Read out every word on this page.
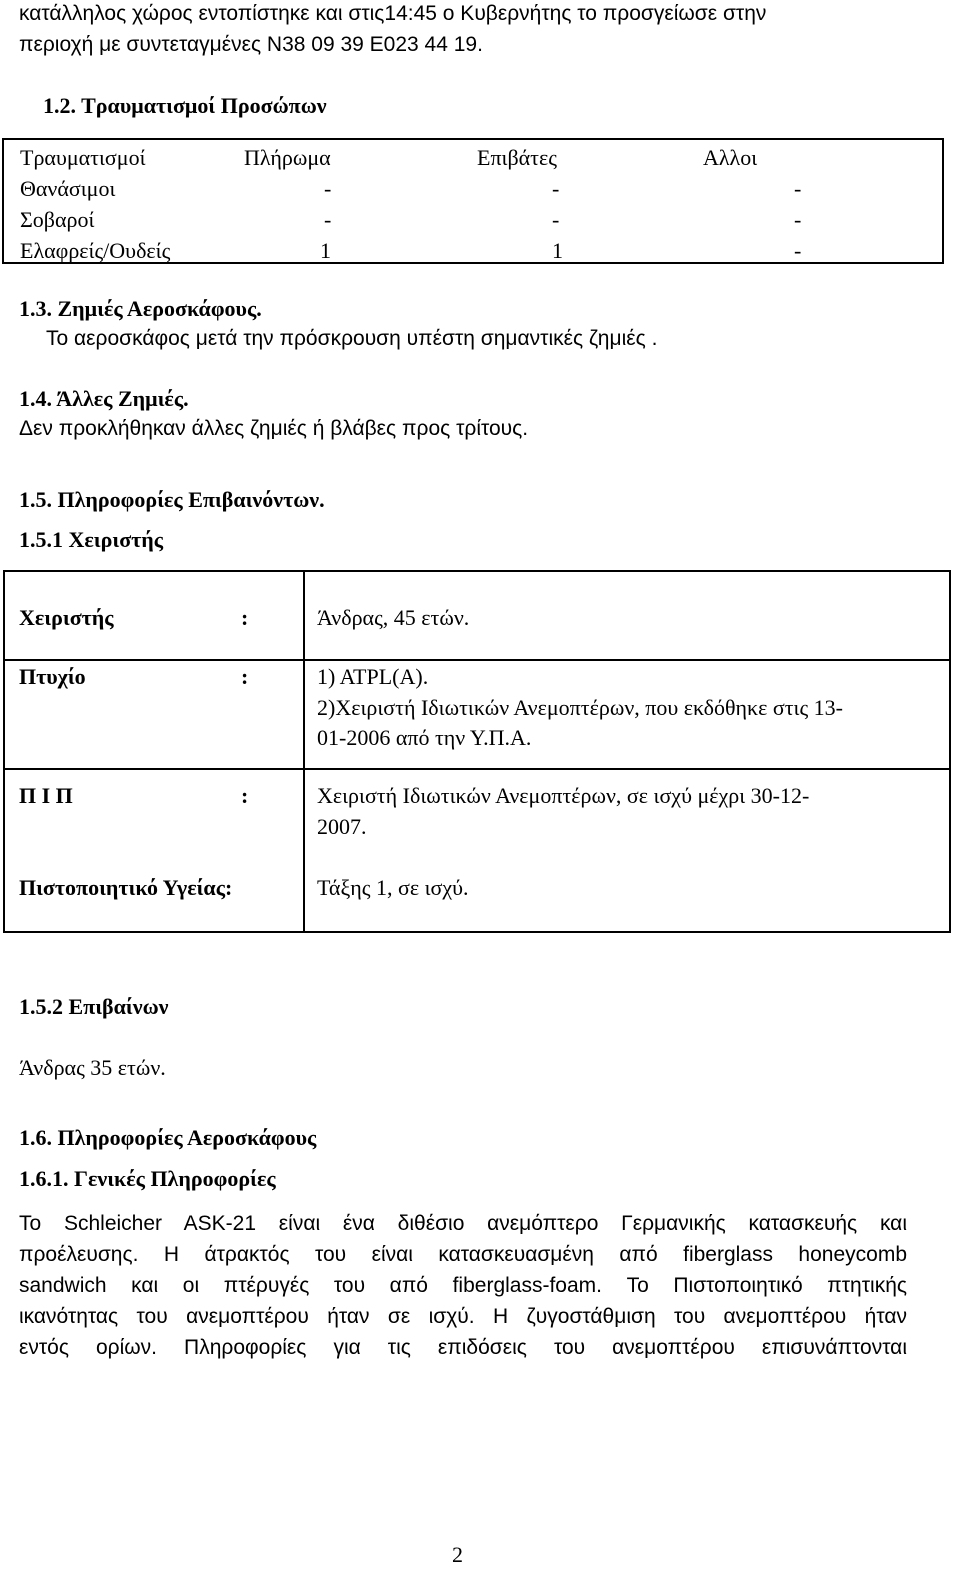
κατάλληλος χώρος εντοπίστηκε και στις14:45 ο Κυβερνήτης το προσγείωσε στην
περιοχή με συντεταγμένες Ν38 09 39 Ε023 44 19.
1.2. Τραυματισμοί Προσώπων
Τραυματισμοί	Πλήρωμα	Επιβάτες	Αλλοι
Θανάσιμοι	-	-	-
Σοβαροί	-	-	-
Ελαφρείς/Ουδείς	1	1	-
1.3. Ζημιές Αεροσκάφους.
Το αεροσκάφος μετά την πρόσκρουση υπέστη σημαντικές ζημιές .
1.4. Άλλες Ζημιές.
Δεν προκλήθηκαν άλλες ζημιές ή βλάβες προς τρίτους.
1.5. Πληροφορίες Επιβαινόντων.
1.5.1 Χειριστής
Χειριστής	:	Άνδρας, 45 ετών.
Πτυχίο	:	1) ATPL(A).
2)Χειριστή Ιδιωτικών Ανεμοπτέρων, που εκδόθηκε στις 13-
01-2006 από την Υ.Π.Α.
Π Ι Π	:	Χειριστή Ιδιωτικών Ανεμοπτέρων, σε ισχύ μέχρι 30-12-
2007.
Πιστοποιητικό Υγείας:	Τάξης 1, σε ισχύ.
1.5.2 Επιβαίνων
Άνδρας 35 ετών.
1.6. Πληροφορίες Αεροσκάφους
1.6.1. Γενικές Πληροφορίες
Το Schleicher ASK-21 είναι ένα διθέσιο ανεμόπτερο Γερμανικής κατασκευής και
προέλευσης. Η άτρακτός του είναι κατασκευασμένη από fiberglass honeycomb
sandwich και οι πτέρυγές του από fiberglass-foam. Το Πιστοποιητικό πτητικής
ικανότητας του ανεμοπτέρου ήταν σε ισχύ. Η ζυγοστάθμιση του ανεμοπτέρου ήταν
εντός ορίων. Πληροφορίες για τις επιδόσεις του ανεμοπτέρου επισυνάπτονται
2
